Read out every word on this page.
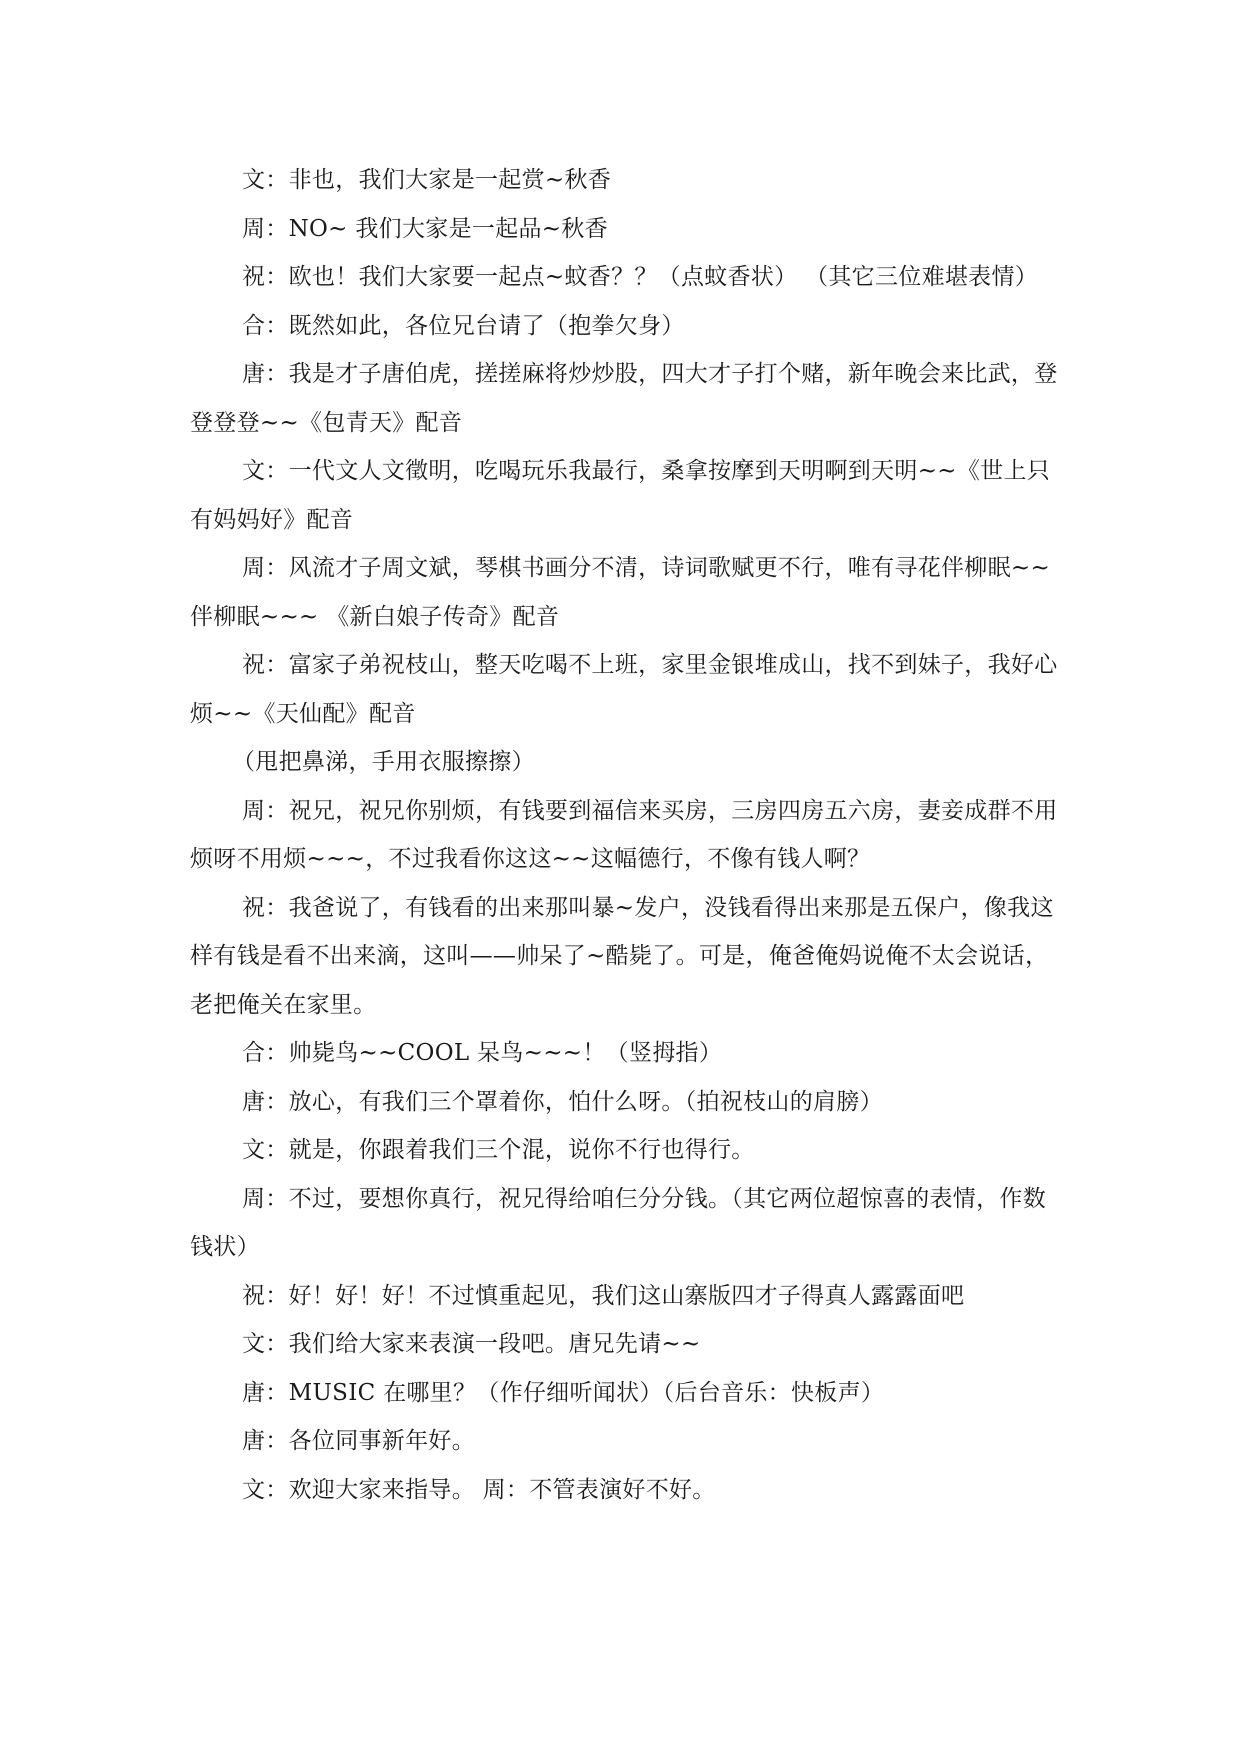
文：非也，我们大家是一起赏~秋香

周：NO~ 我们大家是一起品~秋香

祝：欧也！我们大家要一起点~蚊香？？（点蚊香状） （其它三位难堪表情）

合：既然如此，各位兄台请了（抱拳欠身）

唐：我是才子唐伯虎，搓搓麻将炒炒股，四大才子打个赌，新年晚会来比武，登登登登~~《包青天》配音

文：一代文人文徵明，吃喝玩乐我最行，桑拿按摩到天明啊到天明~~《世上只有妈妈好》配音

周：风流才子周文斌，琴棋书画分不清，诗词歌赋更不行，唯有寻花伴柳眠~~伴柳眠~~~ 《新白娘子传奇》配音

祝：富家子弟祝枝山，整天吃喝不上班，家里金银堆成山，找不到妹子，我好心烦~~《天仙配》配音

（甩把鼻涕，手用衣服擦擦）

周：祝兄，祝兄你别烦，有钱要到福信来买房，三房四房五六房，妻妾成群不用烦呀不用烦~~~，不过我看你这这~~这幅德行，不像有钱人啊？

祝：我爸说了，有钱看的出来那叫暴~发户，没钱看得出来那是五保户，像我这样有钱是看不出来滴，这叫——帅呆了~酷毙了。可是，俺爸俺妈说俺不太会说话，老把俺关在家里。

合：帅毙鸟~~COOL 呆鸟~~~！（竖拇指）

唐：放心，有我们三个罩着你，怕什么呀。（拍祝枝山的肩膀）

文：就是，你跟着我们三个混，说你不行也得行。

周：不过，要想你真行，祝兄得给咱仨分分钱。（其它两位超惊喜的表情，作数钱状）

祝：好！好！好！不过慎重起见，我们这山寨版四才子得真人露露面吧

文：我们给大家来表演一段吧。唐兄先请~~

唐：MUSIC 在哪里？（作仔细听闻状）（后台音乐：快板声）

唐：各位同事新年好。

文：欢迎大家来指导。 周：不管表演好不好。
